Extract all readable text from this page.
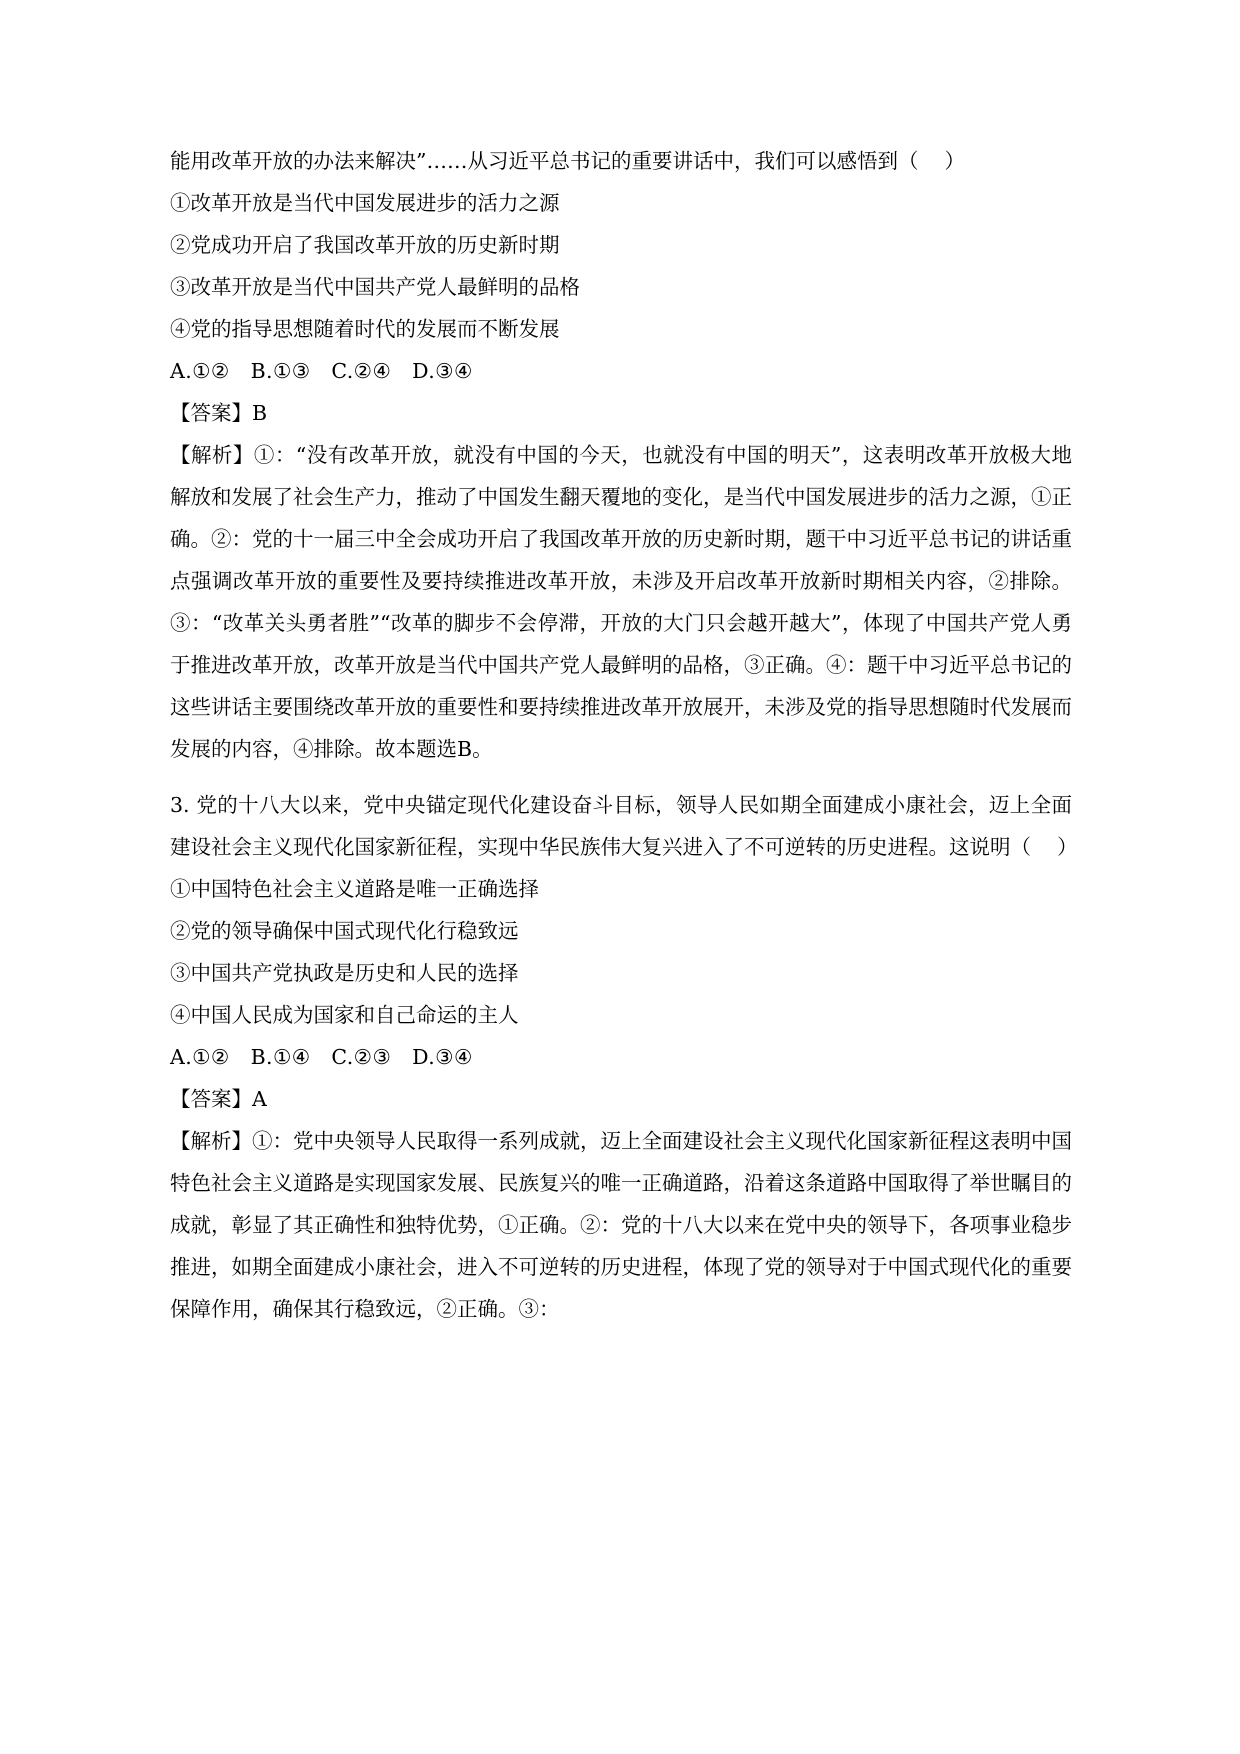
能用改革开放的办法来解决”……从习近平总书记的重要讲话中，我们可以感悟到（    ）

①改革开放是当代中国发展进步的活力之源

②党成功开启了我国改革开放的历史新时期

③改革开放是当代中国共产党人最鲜明的品格

④党的指导思想随着时代的发展而不断发展

A.①②　B.①③　C.②④　D.③④

【答案】B

【解析】①：“没有改革开放，就没有中国的今天，也就没有中国的明天”，这表明改革开放极大地解放和发展了社会生产力，推动了中国发生翻天覆地的变化，是当代中国发展进步的活力之源，①正确。②：党的十一届三中全会成功开启了我国改革开放的历史新时期，题干中习近平总书记的讲话重点强调改革开放的重要性及要持续推进改革开放，未涉及开启改革开放新时期相关内容，②排除。③：“改革关头勇者胜”“改革的脚步不会停滞，开放的大门只会越开越大”，体现了中国共产党人勇于推进改革开放，改革开放是当代中国共产党人最鲜明的品格，③正确。④：题干中习近平总书记的这些讲话主要围绕改革开放的重要性和要持续推进改革开放展开，未涉及党的指导思想随时代发展而发展的内容，④排除。故本题选B。

3. 党的十八大以来，党中央锚定现代化建设奋斗目标，领导人民如期全面建成小康社会，迈上全面建设社会主义现代化国家新征程，实现中华民族伟大复兴进入了不可逆转的历史进程。这说明（    ）

①中国特色社会主义道路是唯一正确选择

②党的领导确保中国式现代化行稳致远

③中国共产党执政是历史和人民的选择

④中国人民成为国家和自己命运的主人

A.①②　B.①④　C.②③　D.③④

【答案】A

【解析】①：党中央领导人民取得一系列成就，迈上全面建设社会主义现代化国家新征程这表明中国特色社会主义道路是实现国家发展、民族复兴的唯一正确道路，沿着这条道路中国取得了举世瞩目的成就，彰显了其正确性和独特优势，①正确。②：党的十八大以来在党中央的领导下，各项事业稳步推进，如期全面建成小康社会，进入不可逆转的历史进程，体现了党的领导对于中国式现代化的重要保障作用，确保其行稳致远，②正确。③：
